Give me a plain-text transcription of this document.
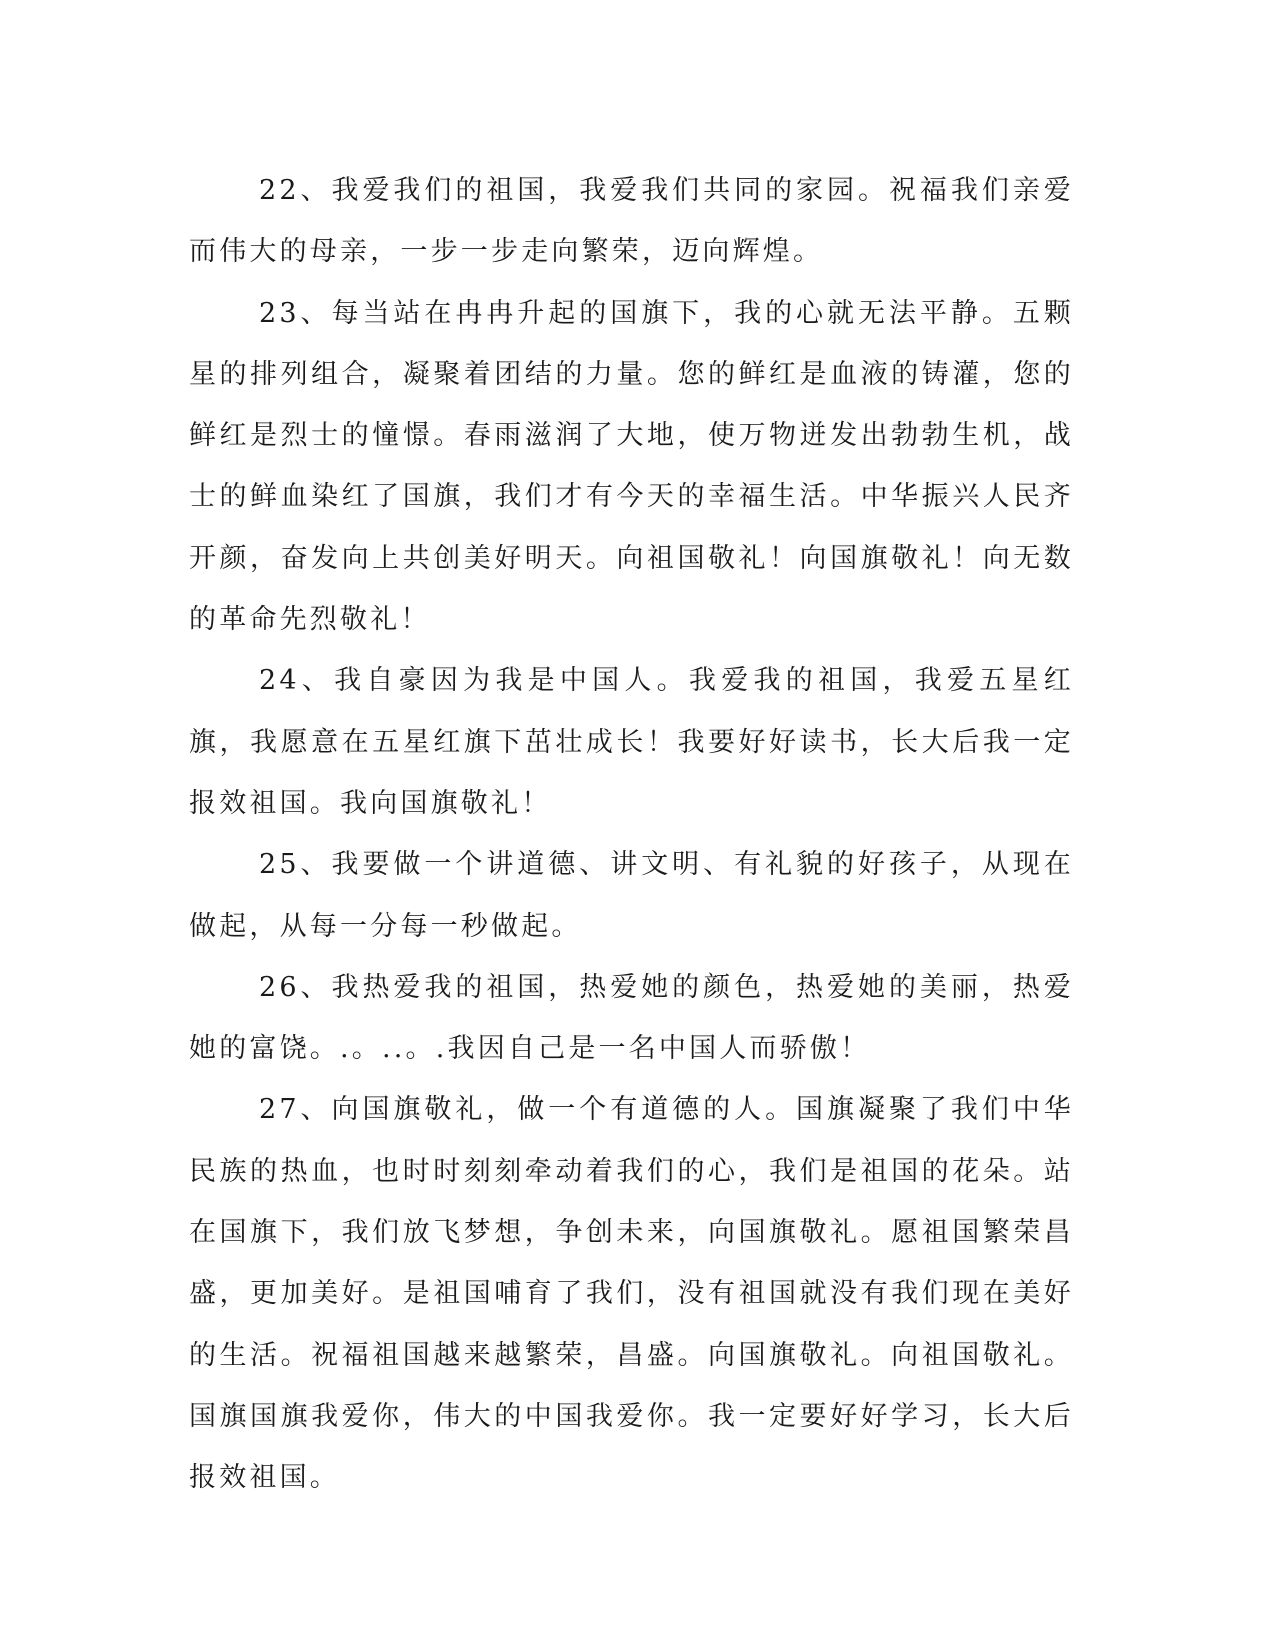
22、我爱我们的祖国，我爱我们共同的家园。祝福我们亲爱而伟大的母亲，一步一步走向繁荣，迈向辉煌。

23、每当站在冉冉升起的国旗下，我的心就无法平静。五颗星的排列组合，凝聚着团结的力量。您的鲜红是血液的铸灌，您的鲜红是烈士的憧憬。春雨滋润了大地，使万物迸发出勃勃生机，战士的鲜血染红了国旗，我们才有今天的幸福生活。中华振兴人民齐开颜，奋发向上共创美好明天。向祖国敬礼！向国旗敬礼！向无数的革命先烈敬礼！

24、我自豪因为我是中国人。我爱我的祖国，我爱五星红旗，我愿意在五星红旗下茁壮成长！我要好好读书，长大后我一定报效祖国。我向国旗敬礼！

25、我要做一个讲道德、讲文明、有礼貌的好孩子，从现在做起，从每一分每一秒做起。

26、我热爱我的祖国，热爱她的颜色，热爱她的美丽，热爱她的富饶。.。..。.我因自己是一名中国人而骄傲！

27、向国旗敬礼，做一个有道德的人。国旗凝聚了我们中华民族的热血，也时时刻刻牵动着我们的心，我们是祖国的花朵。站在国旗下，我们放飞梦想，争创未来，向国旗敬礼。愿祖国繁荣昌盛，更加美好。是祖国哺育了我们，没有祖国就没有我们现在美好的生活。祝福祖国越来越繁荣，昌盛。向国旗敬礼。向祖国敬礼。国旗国旗我爱你，伟大的中国我爱你。我一定要好好学习，长大后报效祖国。
